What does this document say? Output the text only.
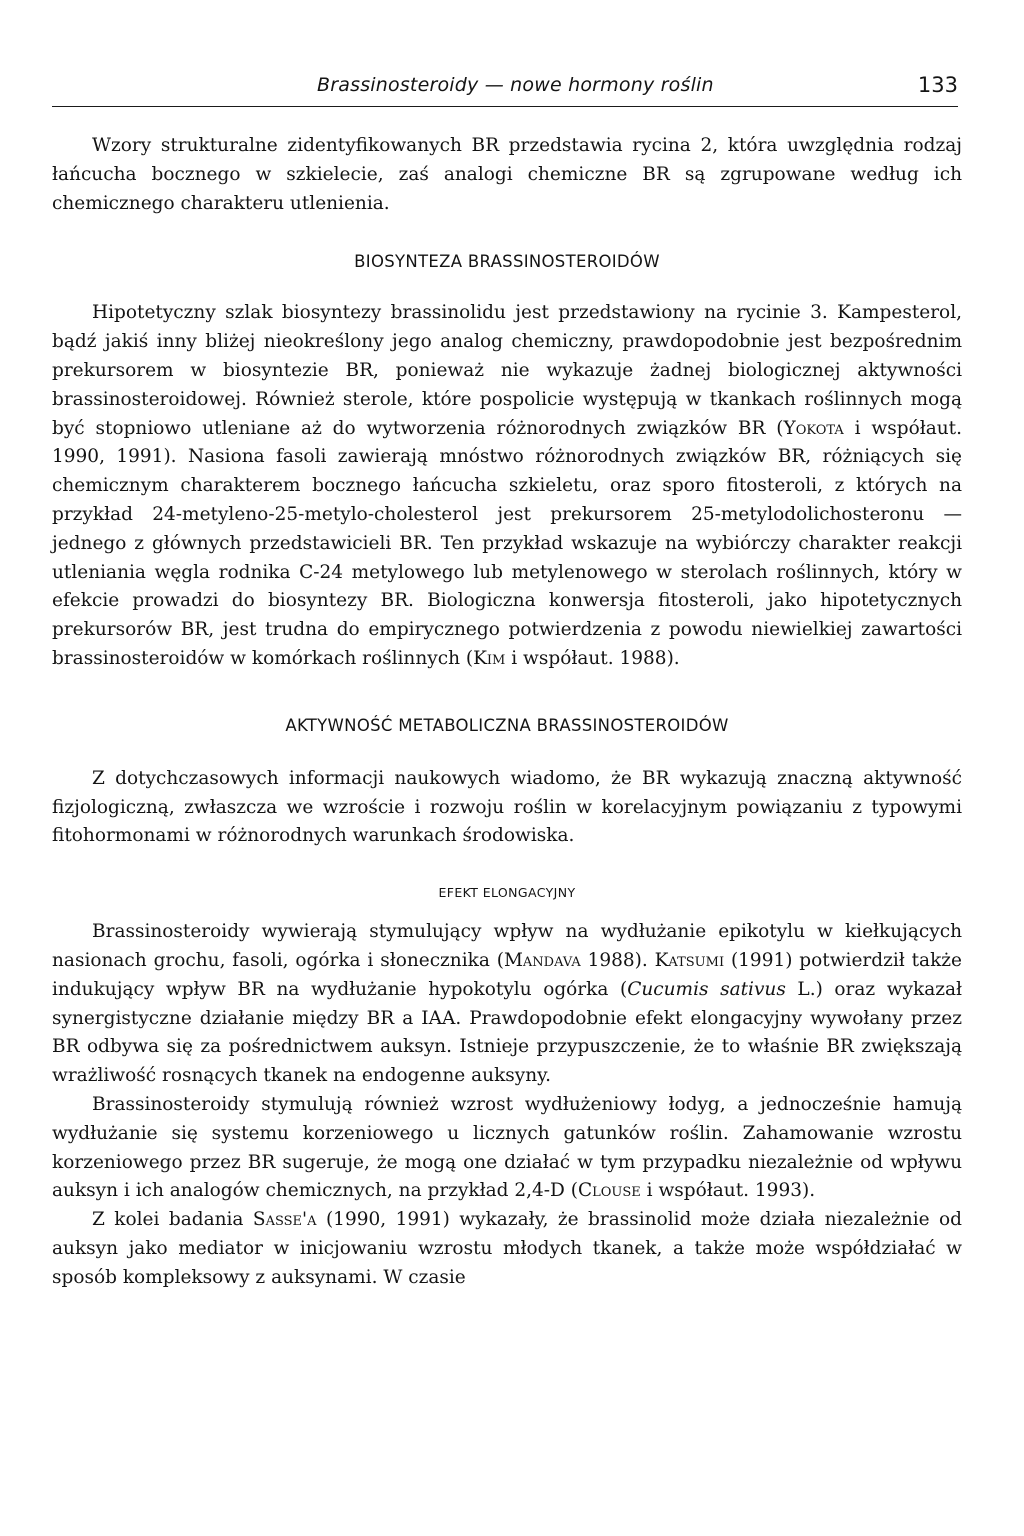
Brassinosteroidy — nowe hormony roślin	133

Wzory strukturalne zidentyfikowanych BR przedstawia rycina 2, która uwzględnia rodzaj łańcucha bocznego w szkielecie, zaś analogi chemiczne BR są zgrupowane według ich chemicznego charakteru utlenienia.

BIOSYNTEZA BRASSINOSTEROIDÓW

Hipotetyczny szlak biosyntezy brassinolidu jest przedstawiony na rycinie 3. Kampesterol, bądź jakiś inny bliżej nieokreślony jego analog chemiczny, prawdopodobnie jest bezpośrednim prekursorem w biosyntezie BR, ponieważ nie wykazuje żadnej biologicznej aktywności brassinosteroidowej. Również sterole, które pospolicie występują w tkankach roślinnych mogą być stopniowo utleniane aż do wytworzenia różnorodnych związków BR (Yokota i współaut. 1990, 1991). Nasiona fasoli zawierają mnóstwo różnorodnych związków BR, różniących się chemicznym charakterem bocznego łańcucha szkieletu, oraz sporo fitosteroli, z których na przykład 24-metyleno-25-metylo-cholesterol jest prekursorem 25-metylodolichosteronu — jednego z głównych przedstawicieli BR. Ten przykład wskazuje na wybiórczy charakter reakcji utleniania węgla rodnika C-24 metylowego lub metylenowego w sterolach roślinnych, który w efekcie prowadzi do biosyntezy BR. Biologiczna konwersja fitosteroli, jako hipotetycznych prekursorów BR, jest trudna do empirycznego potwierdzenia z powodu niewielkiej zawartości brassinosteroidów w komórkach roślinnych (Kim i współaut. 1988).

AKTYWNOŚĆ METABOLICZNA BRASSINOSTEROIDÓW

Z dotychczasowych informacji naukowych wiadomo, że BR wykazują znaczną aktywność fizjologiczną, zwłaszcza we wzroście i rozwoju roślin w korelacyjnym powiązaniu z typowymi fitohormonami w różnorodnych warunkach środowiska.

EFEKT ELONGACYJNY

Brassinosteroidy wywierają stymulujący wpływ na wydłużanie epikotylu w kiełkujących nasionach grochu, fasoli, ogórka i słonecznika (Mandava 1988). Katsumi (1991) potwierdził także indukujący wpływ BR na wydłużanie hypokotylu ogórka (Cucumis sativus L.) oraz wykazał synergistyczne działanie między BR a IAA. Prawdopodobnie efekt elongacyjny wywołany przez BR odbywa się za pośrednictwem auksyn. Istnieje przypuszczenie, że to właśnie BR zwiększają wrażliwość rosnących tkanek na endogenne auksyny.

Brassinosteroidy stymulują również wzrost wydłużeniowy łodyg, a jednocześnie hamują wydłużanie się systemu korzeniowego u licznych gatunków roślin. Zahamowanie wzrostu korzeniowego przez BR sugeruje, że mogą one działać w tym przypadku niezależnie od wpływu auksyn i ich analogów chemicznych, na przykład 2,4-D (Clouse i współaut. 1993).

Z kolei badania Sasse'a (1990, 1991) wykazały, że brassinolid może działa niezależnie od auksyn jako mediator w inicjowaniu wzrostu młodych tkanek, a także może współdziałać w sposób kompleksowy z auksynami. W czasie
